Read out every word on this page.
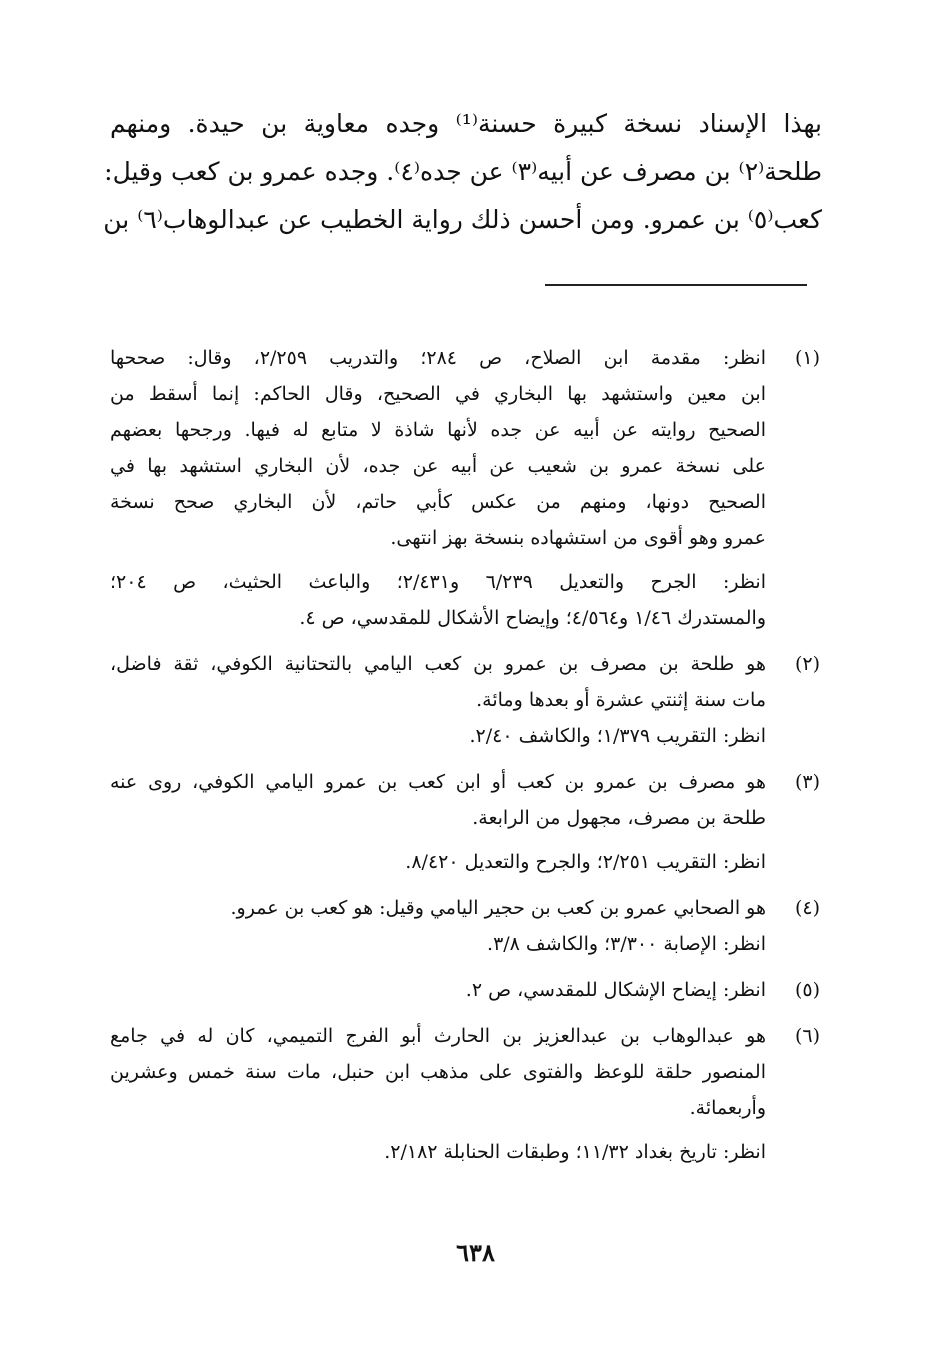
بهذا الإسناد نسخة كبيرة حسنة⁽¹⁾ وجده معاوية بن حيدة. ومنهم

طلحة⁽٢⁾ بن مصرف عن أبيه⁽٣⁾ عن جده⁽٤⁾. وجده عمرو بن كعب وقيل:

كعب⁽٥⁾ بن عمرو. ومن أحسن ذلك رواية الخطيب عن عبدالوهاب⁽٦⁾ بن

(١)

انظر: مقدمة ابن الصلاح، ص ٢٨٤؛ والتدريب ٢/٢٥٩، وقال: صححها

ابن معين واستشهد بها البخاري في الصحيح، وقال الحاكم: إنما أسقط من

الصحيح روايته عن أبيه عن جده لأنها شاذة لا متابع له فيها. ورجحها بعضهم

على نسخة عمرو بن شعيب عن أبيه عن جده، لأن البخاري استشهد بها في

الصحيح دونها، ومنهم من عكس كأبي حاتم، لأن البخاري صحح نسخة

عمرو وهو أقوى من استشهاده بنسخة بهز انتهى.

انظر: الجرح والتعديل ٦/٢٣٩ و٢/٤٣١؛ والباعث الحثيث، ص ٢٠٤؛

والمستدرك ١/٤٦ و٤/٥٦٤؛ وإيضاح الأشكال للمقدسي، ص ٤.

(٢)

هو طلحة بن مصرف بن عمرو بن كعب اليامي بالتحتانية الكوفي، ثقة فاضل،

مات سنة إثنتي عشرة أو بعدها ومائة.

انظر: التقريب ١/٣٧٩؛ والكاشف ٢/٤٠.

(٣)

هو مصرف بن عمرو بن كعب أو ابن كعب بن عمرو اليامي الكوفي، روى عنه

طلحة بن مصرف، مجهول من الرابعة.

انظر: التقريب ٢/٢٥١؛ والجرح والتعديل ٨/٤٢٠.

(٤)

هو الصحابي عمرو بن كعب بن حجير اليامي وقيل: هو كعب بن عمرو.

انظر: الإصابة ٣/٣٠٠؛ والكاشف ٣/٨.

(٥)

انظر: إيضاح الإشكال للمقدسي، ص ٢.

(٦)

هو عبدالوهاب بن عبدالعزيز بن الحارث أبو الفرج التميمي، كان له في جامع

المنصور حلقة للوعظ والفتوى على مذهب ابن حنبل، مات سنة خمس وعشرين

وأربعمائة.

انظر: تاريخ بغداد ١١/٣٢؛ وطبقات الحنابلة ٢/١٨٢.

٦٣٨
